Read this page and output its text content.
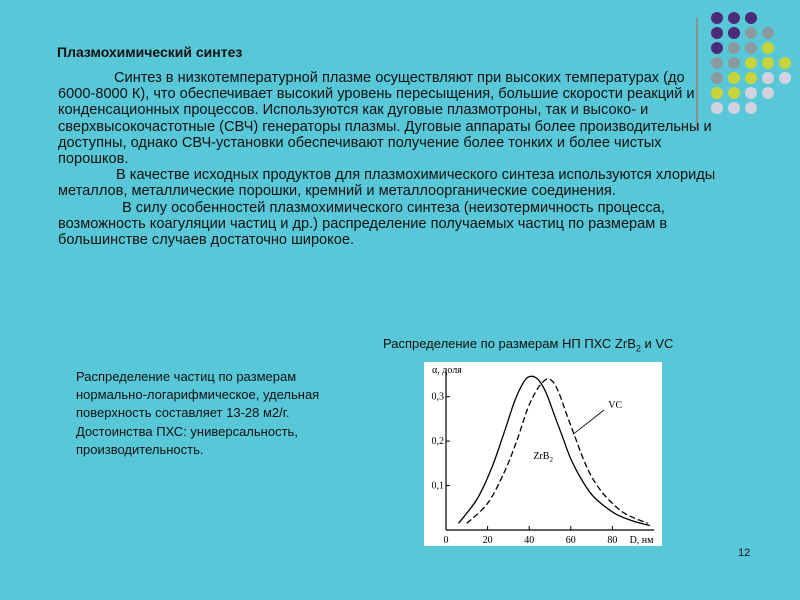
Плазмохимический синтез

Синтез в низкотемпературной плазме осуществляют при высоких температурах (до 6000-8000 К), что обеспечивает высокий уровень пересыщения, большие скорости реакций и конденсационных процессов. Используются как дуговые плазмотроны, так и высоко- и сверхвысокочастотные (СВЧ) генераторы плазмы. Дуговые аппараты более производительны и доступны, однако СВЧ-установки обеспечивают получение более тонких и более чистых порошков.

В качестве исходных продуктов для плазмохимического синтеза используются хлориды металлов, металлические порошки, кремний и металлоорганические соединения.

В силу особенностей плазмохимического синтеза (неизотермичность процесса, возможность коагуляции частиц и др.) распределение получаемых частиц по размерам в большинстве случаев достаточно широкое.

Распределение по размерам НП ПХС ZrB$_2$ и VC

Распределение частиц по размерам нормально-логарифмическое, удельная поверхность составляет 13-28 м2/г.

Достоинства ПХС: универсальность, производительность.

0	20	40	60	80
0,1
0,2
0,3
α, доля
D, нм
VC
ZrB$_2$
12
